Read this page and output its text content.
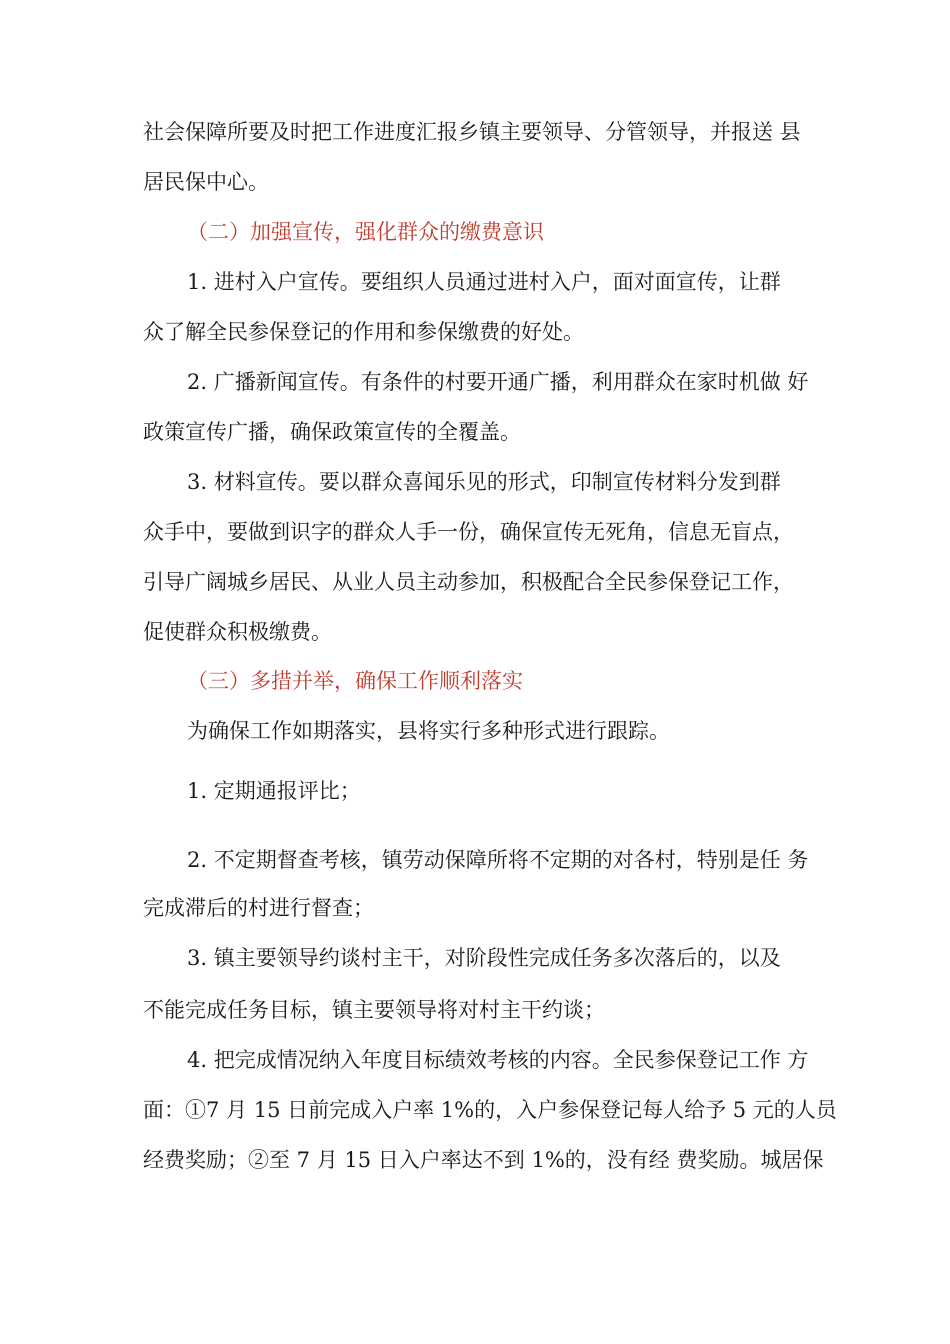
社会保障所要及时把工作进度汇报乡镇主要领导、分管领导，并报送 县
居民保中心。
（二）加强宣传，强化群众的缴费意识
1. 进村入户宣传。要组织人员通过进村入户，面对面宣传，让群
众了解全民参保登记的作用和参保缴费的好处。
2. 广播新闻宣传。有条件的村要开通广播，利用群众在家时机做 好
政策宣传广播，确保政策宣传的全覆盖。
3. 材料宣传。要以群众喜闻乐见的形式，印制宣传材料分发到群
众手中，要做到识字的群众人手一份，确保宣传无死角，信息无盲点，
引导广阔城乡居民、从业人员主动参加，积极配合全民参保登记工作，
促使群众积极缴费。
（三）多措并举，确保工作顺利落实
为确保工作如期落实，县将实行多种形式进行跟踪。
1. 定期通报评比；
2. 不定期督查考核，镇劳动保障所将不定期的对各村，特别是任 务
完成滞后的村进行督查；
3. 镇主要领导约谈村主干，对阶段性完成任务多次落后的，以及
不能完成任务目标，镇主要领导将对村主干约谈；
4. 把完成情况纳入年度目标绩效考核的内容。全民参保登记工作 方
面：①7 月 15 日前完成入户率 1%的，入户参保登记每人给予 5 元的人员
经费奖励；②至 7 月 15 日入户率达不到 1%的，没有经 费奖励。城居保
